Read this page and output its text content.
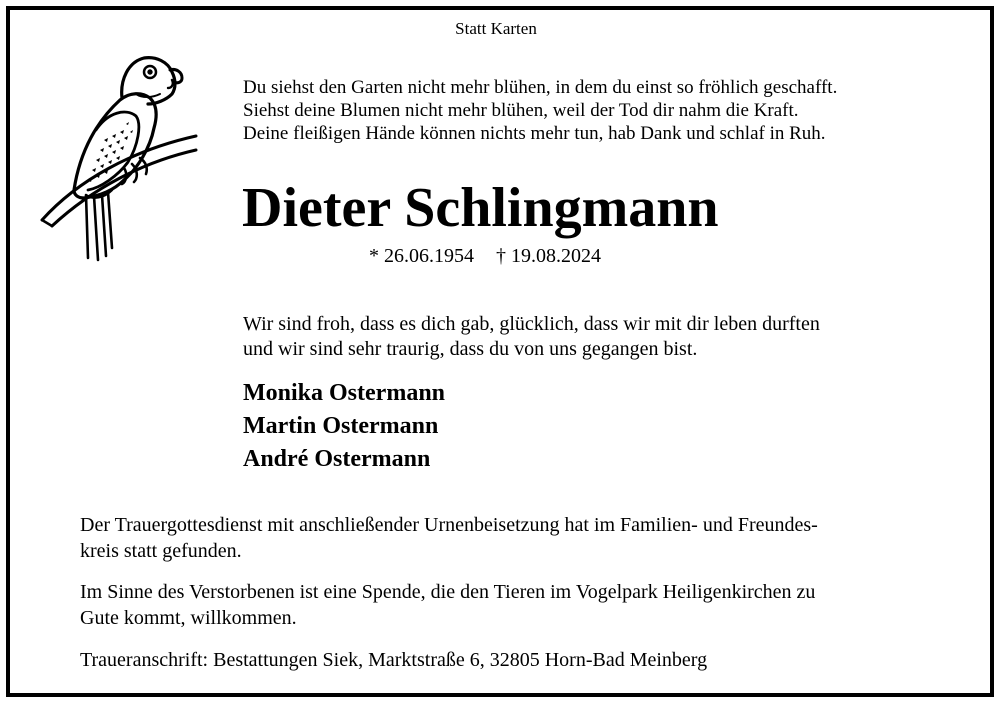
Statt Karten

Du siehst den Garten nicht mehr blühen, in dem du einst so fröhlich geschafft.

Siehst deine Blumen nicht mehr blühen, weil der Tod dir nahm die Kraft.

Deine fleißigen Hände können nichts mehr tun, hab Dank und schlaf in Ruh.

Dieter Schlingmann

* 26.06.1954 † 19.08.2024

Wir sind froh, dass es dich gab, glücklich, dass wir mit dir leben durften

und wir sind sehr traurig, dass du von uns gegangen bist.

Monika Ostermann

Martin Ostermann

André Ostermann

Der Trauergottesdienst mit anschließender Urnenbeisetzung hat im Familien- und Freundes-

kreis statt gefunden.

Im Sinne des Verstorbenen ist eine Spende, die den Tieren im Vogelpark Heiligenkirchen zu

Gute kommt, willkommen.

Traueranschrift: Bestattungen Siek, Marktstraße 6, 32805 Horn-Bad Meinberg
